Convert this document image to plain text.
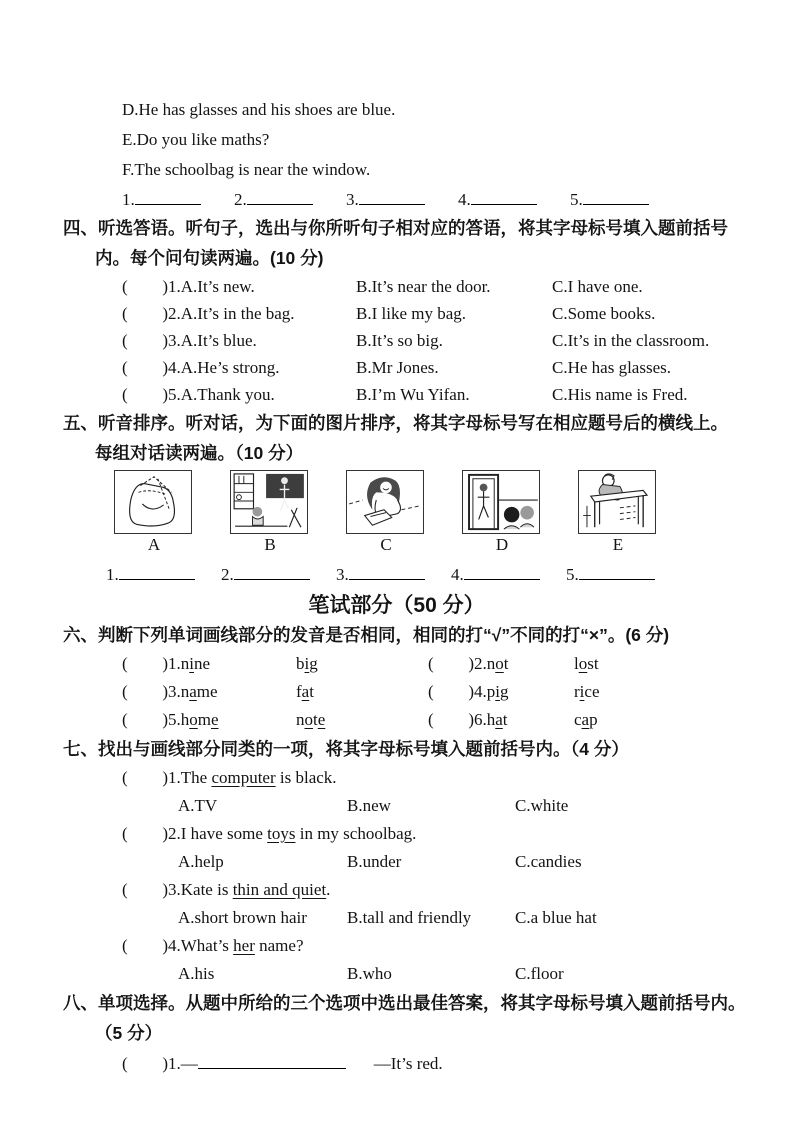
D.He has glasses and his shoes are blue.
E.Do you like maths?
F.The schoolbag is near the window.
1.	2.	3.	4.	5.
四、听选答语。听句子，选出与你所听句子相对应的答语，将其字母标号填入题前括号
内。每个问句读两遍。(10 分)
( ) 1.A.It’s new.	B.It’s near the door.	C.I have one.
( ) 2.A.It’s in the bag.	B.I like my bag.	C.Some books.
( ) 3.A.It’s blue.	B.It’s so big.	C.It’s in the classroom.
( ) 4.A.He’s strong.	B.Mr Jones.	C.He has glasses.
( ) 5.A.Thank you.	B.I’m Wu Yifan.	C.His name is Fred.
五、听音排序。听对话，为下面的图片排序，将其字母标号写在相应题号后的横线上。
每组对话读两遍。（10 分）
A	B	C	D	E
1.	2.	3.	4.	5.
笔试部分（50 分）
六、判断下列单词画线部分的发音是否相同，相同的打“√”不同的打“×”。(6 分)
( ) 1.nine	big	( ) 2.not	lost
( ) 3.name	fat	( ) 4.pig	rice
( ) 5.home	note	( ) 6.hat	cap
七、找出与画线部分同类的一项，将其字母标号填入题前括号内。（4 分）
( ) 1.The computer is black.
A.TV	B.new	C.white
( ) 2.I have some toys in my schoolbag.
A.help	B.under	C.candies
( ) 3.Kate is thin and quiet.
A.short brown hair	B.tall and friendly	C.a blue hat
( ) 4.What’s her name?
A.his	B.who	C.floor
八、单项选择。从题中所给的三个选项中选出最佳答案，将其字母标号填入题前括号内。
（5 分）
( ) 1. —	—It’s red.
